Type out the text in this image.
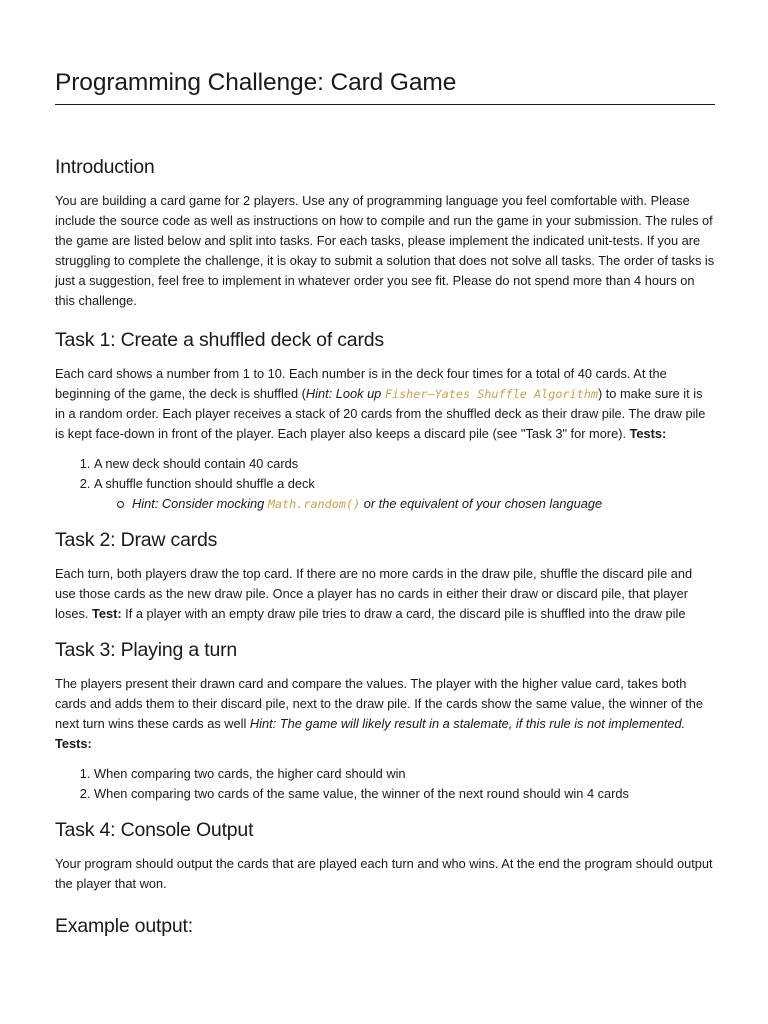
Programming Challenge: Card Game
Introduction

You are building a card game for 2 players. Use any of programming language you feel comfortable with. Please include the source code as well as instructions on how to compile and run the game in your submission. The rules of the game are listed below and split into tasks. For each tasks, please implement the indicated unit-tests. If you are struggling to complete the challenge, it is okay to submit a solution that does not solve all tasks. The order of tasks is just a suggestion, feel free to implement in whatever order you see fit. Please do not spend more than 4 hours on this challenge.

Task 1: Create a shuffled deck of cards

Each card shows a number from 1 to 10. Each number is in the deck four times for a total of 40 cards. At the beginning of the game, the deck is shuffled (Hint: Look up Fisher–Yates Shuffle Algorithm) to make sure it is in a random order. Each player receives a stack of 20 cards from the shuffled deck as their draw pile. The draw pile is kept face-down in front of the player. Each player also keeps a discard pile (see "Task 3" for more). Tests:

1. A new deck should contain 40 cards
2. A shuffle function should shuffle a deck
Hint: Consider mocking Math.random() or the equivalent of your chosen language
Task 2: Draw cards

Each turn, both players draw the top card. If there are no more cards in the draw pile, shuffle the discard pile and use those cards as the new draw pile. Once a player has no cards in either their draw or discard pile, that player loses. Test: If a player with an empty draw pile tries to draw a card, the discard pile is shuffled into the draw pile

Task 3: Playing a turn

The players present their drawn card and compare the values. The player with the higher value card, takes both cards and adds them to their discard pile, next to the draw pile. If the cards show the same value, the winner of the next turn wins these cards as well Hint: The game will likely result in a stalemate, if this rule is not implemented. Tests:

1. When comparing two cards, the higher card should win
2. When comparing two cards of the same value, the winner of the next round should win 4 cards
Task 4: Console Output

Your program should output the cards that are played each turn and who wins. At the end the program should output the player that won.

Example output:
